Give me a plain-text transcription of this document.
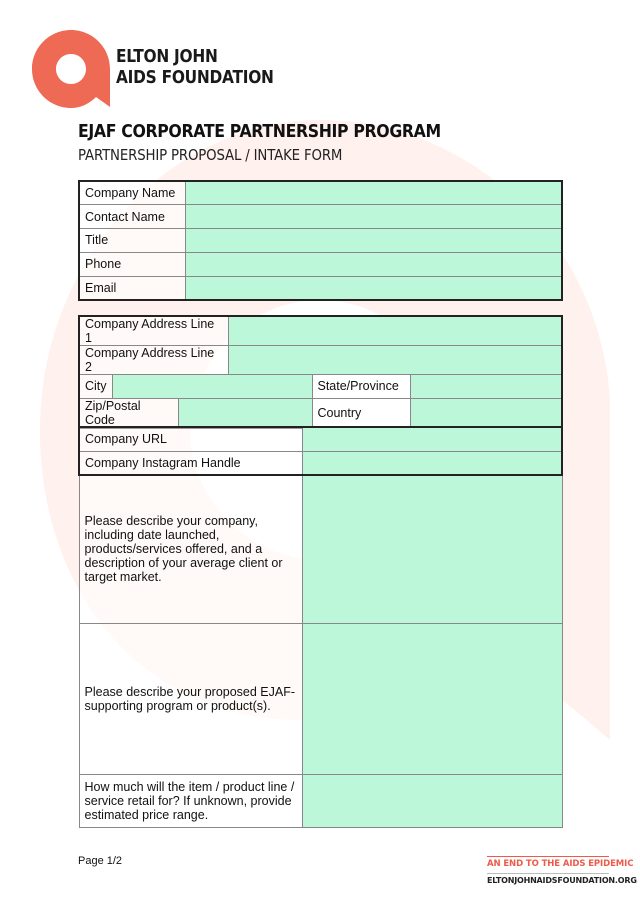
ELTON JOHN
AIDS FOUNDATION
EJAF CORPORATE PARTNERSHIP PROGRAM
PARTNERSHIP PROPOSAL / INTAKE FORM
Company Name	
Contact Name	
Title	
Phone	
Email	
Company Address Line 1					
Company Address Line 2					
City				State/Province	
Zip/Postal Code				Country	
Company URL	
Company Instagram Handle	
Please describe your company, including date launched, products/services offered, and a description of your average client or target market.	
Please describe your proposed EJAF-supporting program or product(s).	
How much will the item / product line / service retail for? If unknown, provide estimated price range.	
Page 1/2	AN END TO THE AIDS EPIDEMIC
ELTONJOHNAIDSFOUNDATION.ORG
